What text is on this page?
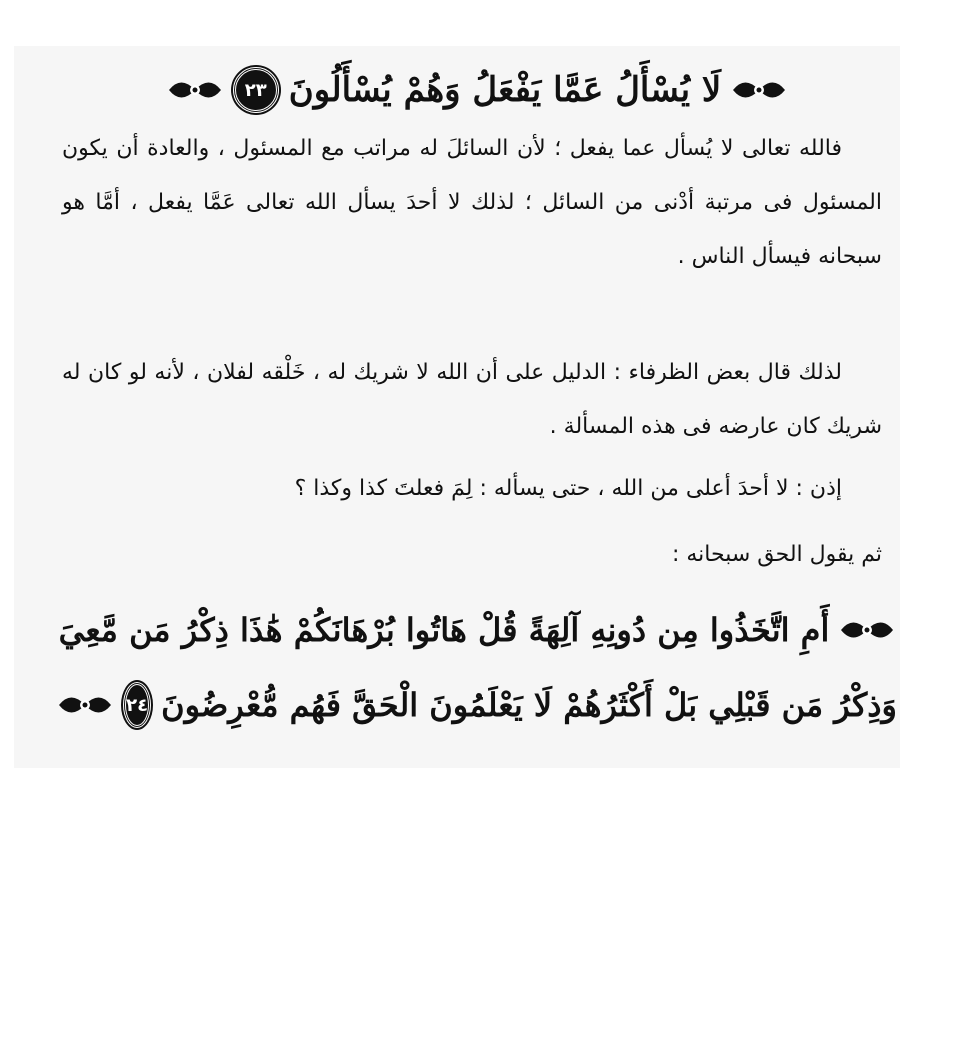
لَا يُسْأَلُ عَمَّا يَفْعَلُ وَهُمْ يُسْأَلُونَ
٢٣

فالله تعالى لا يُسأل عما يفعل ؛ لأن السائلَ له مراتب مع المسئول ، والعادة أن يكون المسئول فى مرتبة أدْنى من السائل ؛ لذلك لا أحدَ يسأل الله تعالى عَمَّا يفعل ، أمَّا هو سبحانه فيسأل الناس .

لذلك قال بعض الظرفاء : الدليل على أن الله لا شريك له ، خَلْقه لفلان ، لأنه لو كان له شريك كان عارضه فى هذه المسألة .

إذن : لا أحدَ أعلى من الله ، حتى يسأله : لِمَ فعلتَ كذا وكذا ؟

ثم يقول الحق سبحانه :

أَمِ اتَّخَذُوا مِن دُونِهِ آلِهَةً قُلْ هَاتُوا بُرْهَانَكُمْ هَٰذَا ذِكْرُ مَن مَّعِيَ
وَذِكْرُ مَن قَبْلِي بَلْ أَكْثَرُهُمْ لَا يَعْلَمُونَ الْحَقَّ فَهُم مُّعْرِضُونَ
٢٤
